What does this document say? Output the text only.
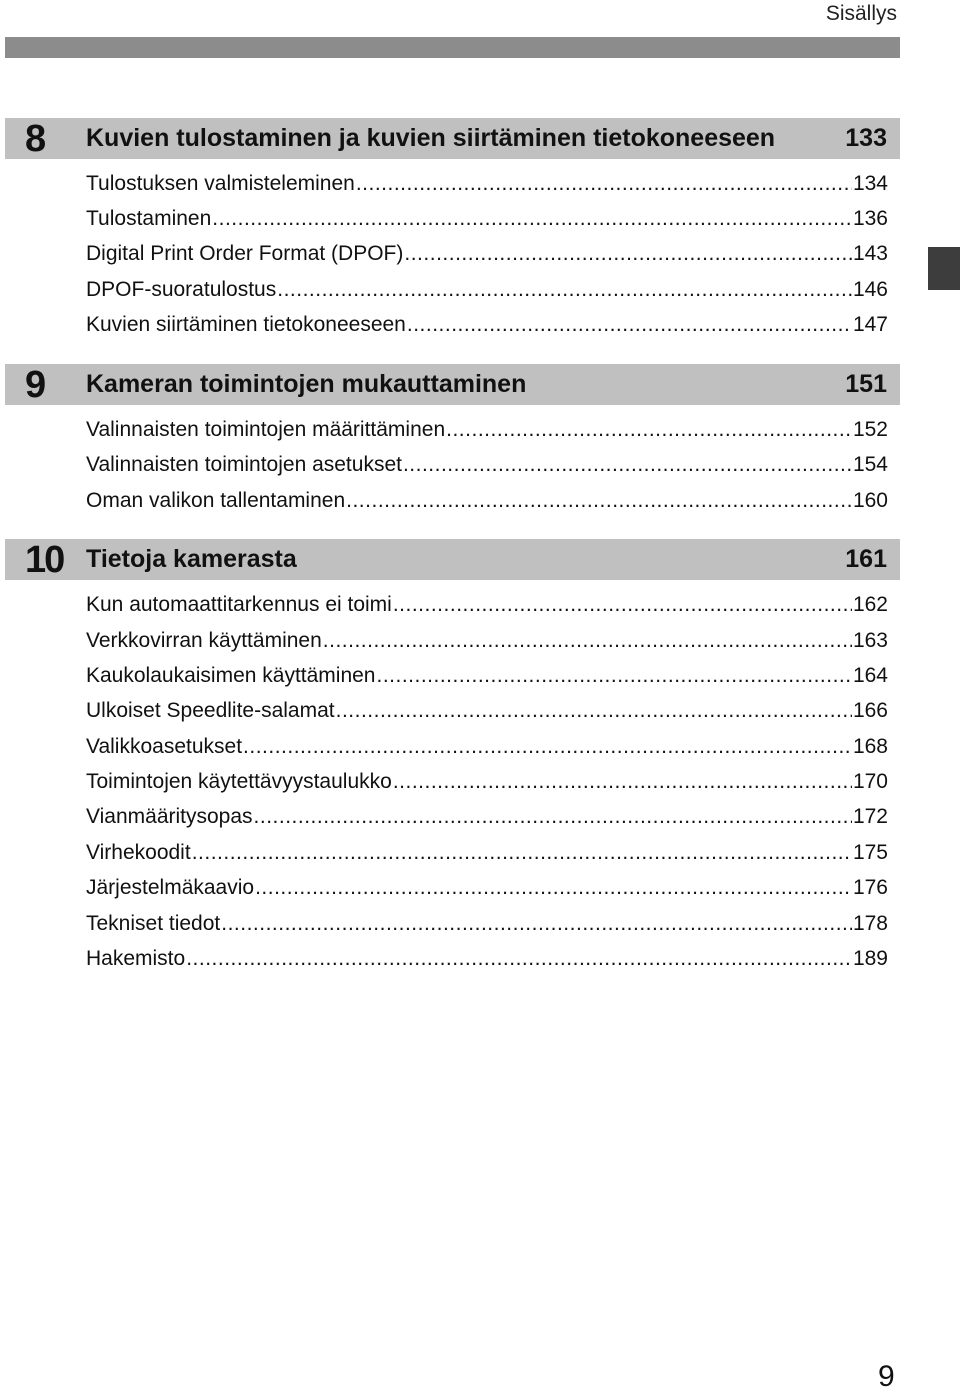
Sisällys
8 Kuvien tulostaminen ja kuvien siirtäminen tietokoneeseen	133
Tulostuksen valmisteleminen .....	134
Tulostaminen .....	136
Digital Print Order Format (DPOF) .....	143
DPOF-suoratulostus .....	146
Kuvien siirtäminen tietokoneeseen .....	147
9 Kameran toimintojen mukauttaminen	151
Valinnaisten toimintojen määrittäminen .....	152
Valinnaisten toimintojen asetukset .....	154
Oman valikon tallentaminen .....	160
10 Tietoja kamerasta	161
Kun automaattitarkennus ei toimi .....	162
Verkkovirran käyttäminen .....	163
Kaukolaukaisimen käyttäminen .....	164
Ulkoiset Speedlite-salamat .....	166
Valikkoasetukset .....	168
Toimintojen käytettävyystaulukko .....	170
Vianmääritysopas .....	172
Virhekoodit .....	175
Järjestelmäkaavio .....	176
Tekniset tiedot .....	178
Hakemisto .....	189
9
